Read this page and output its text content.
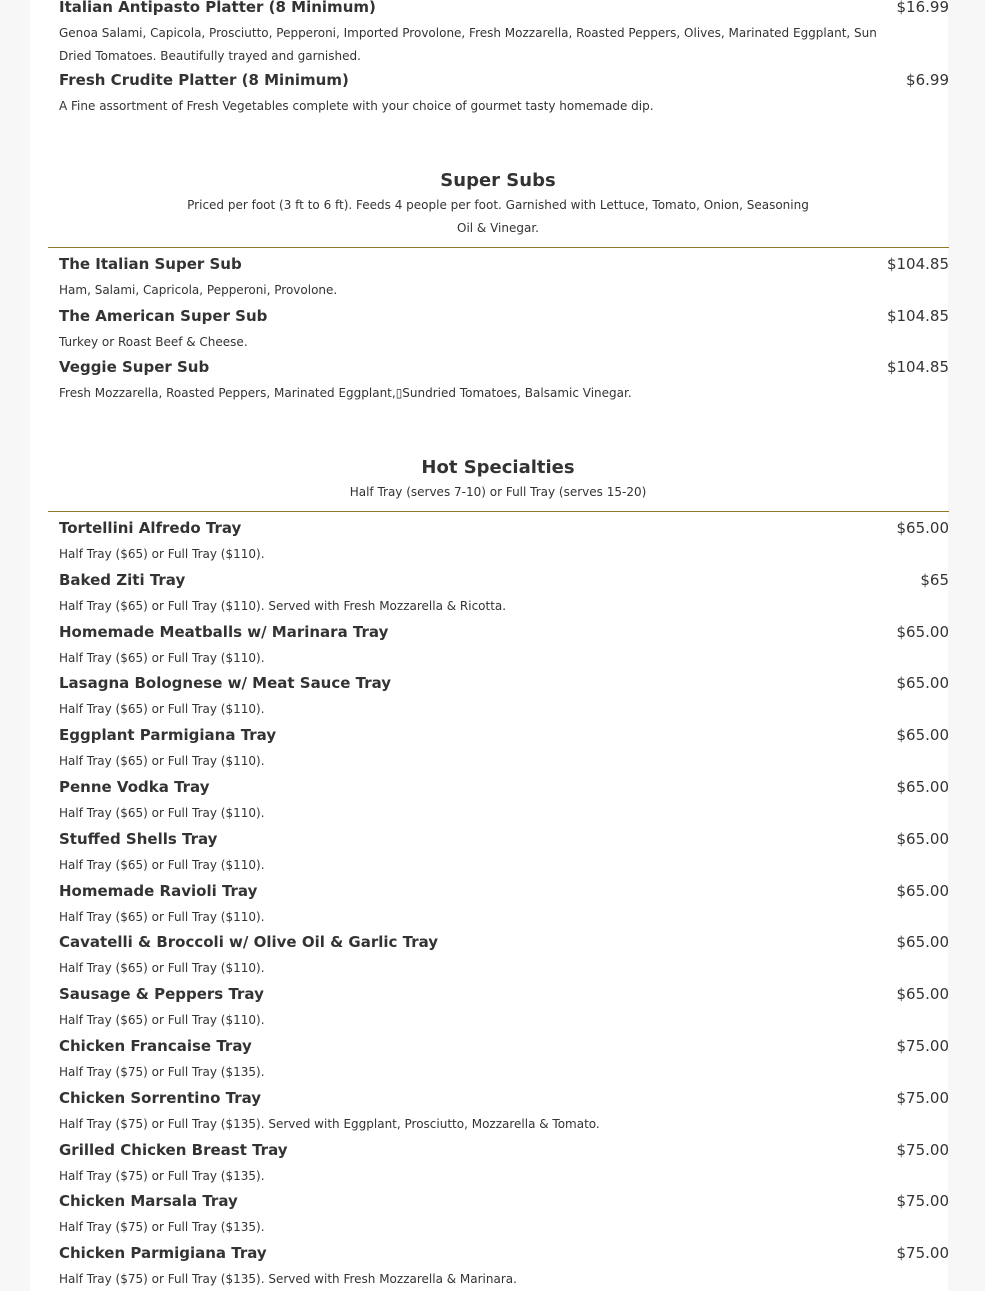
Italian Antipasto Platter (8 Minimum)	$16.99
Genoa Salami, Capicola, Prosciutto, Pepperoni, Imported Provolone, Fresh Mozzarella, Roasted Peppers, Olives, Marinated Eggplant, Sun Dried Tomatoes. Beautifully trayed and garnished.
Fresh Crudite Platter (8 Minimum)	$6.99
A Fine assortment of Fresh Vegetables complete with your choice of gourmet tasty homemade dip.
Super Subs
Priced per foot (3 ft to 6 ft). Feeds 4 people per foot. Garnished with Lettuce, Tomato, Onion, Seasoning Oil & Vinegar.
The Italian Super Sub	$104.85
Ham, Salami, Capricola, Pepperoni, Provolone.
The American Super Sub	$104.85
Turkey or Roast Beef & Cheese.
Veggie Super Sub	$104.85
Fresh Mozzarella, Roasted Peppers, Marinated Eggplant,▯Sundried Tomatoes, Balsamic Vinegar.
Hot Specialties
Half Tray (serves 7-10) or Full Tray (serves 15-20)
Tortellini Alfredo Tray	$65.00
Half Tray ($65) or Full Tray ($110).
Baked Ziti Tray	$65
Half Tray ($65) or Full Tray ($110). Served with Fresh Mozzarella & Ricotta.
Homemade Meatballs w/ Marinara Tray	$65.00
Half Tray ($65) or Full Tray ($110).
Lasagna Bolognese w/ Meat Sauce Tray	$65.00
Half Tray ($65) or Full Tray ($110).
Eggplant Parmigiana Tray	$65.00
Half Tray ($65) or Full Tray ($110).
Penne Vodka Tray	$65.00
Half Tray ($65) or Full Tray ($110).
Stuffed Shells Tray	$65.00
Half Tray ($65) or Full Tray ($110).
Homemade Ravioli Tray	$65.00
Half Tray ($65) or Full Tray ($110).
Cavatelli & Broccoli w/ Olive Oil & Garlic Tray	$65.00
Half Tray ($65) or Full Tray ($110).
Sausage & Peppers Tray	$65.00
Half Tray ($65) or Full Tray ($110).
Chicken Francaise Tray	$75.00
Half Tray ($75) or Full Tray ($135).
Chicken Sorrentino Tray	$75.00
Half Tray ($75) or Full Tray ($135). Served with Eggplant, Prosciutto, Mozzarella & Tomato.
Grilled Chicken Breast Tray	$75.00
Half Tray ($75) or Full Tray ($135).
Chicken Marsala Tray	$75.00
Half Tray ($75) or Full Tray ($135).
Chicken Parmigiana Tray	$75.00
Half Tray ($75) or Full Tray ($135). Served with Fresh Mozzarella & Marinara.
